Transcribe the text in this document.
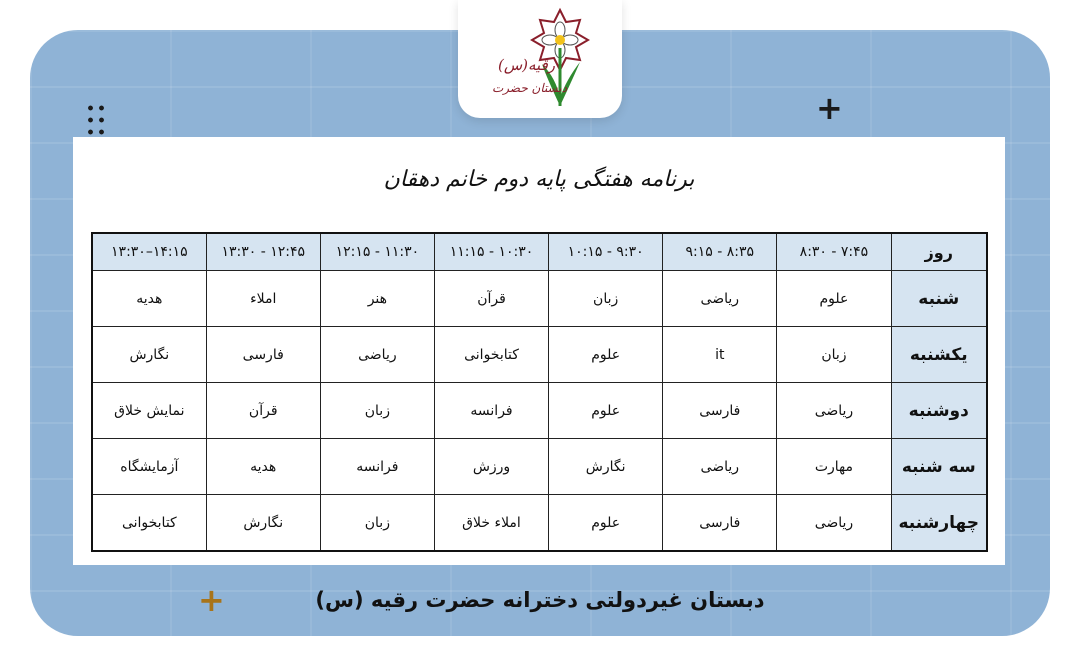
+
+
رقیه(س)
دبستان حضرت
برنامه هفتگی پایه دوم خانم دهقان
روز	۸:۳۰ - ۷:۴۵	۹:۱۵ - ۸:۳۵	۱۰:۱۵ - ۹:۳۰	۱۱:۱۵ - ۱۰:۳۰	۱۲:۱۵ - ۱۱:۳۰	۱۳:۳۰ - ۱۲:۴۵	۱۳:۳۰–۱۴:۱۵
شنبه	علوم	ریاضی	زبان	قرآن	هنر	املاء	هدیه
یکشنبه	زبان	it	علوم	کتابخوانی	ریاضی	فارسی	نگارش
دوشنبه	ریاضی	فارسی	علوم	فرانسه	زبان	قرآن	نمایش خلاق
سه شنبه	مهارت	ریاضی	نگارش	ورزش	فرانسه	هدیه	آزمایشگاه
چهارشنبه	ریاضی	فارسی	علوم	املاء خلاق	زبان	نگارش	کتابخوانی
دبستان غیردولتی دخترانه حضرت رقیه (س)
